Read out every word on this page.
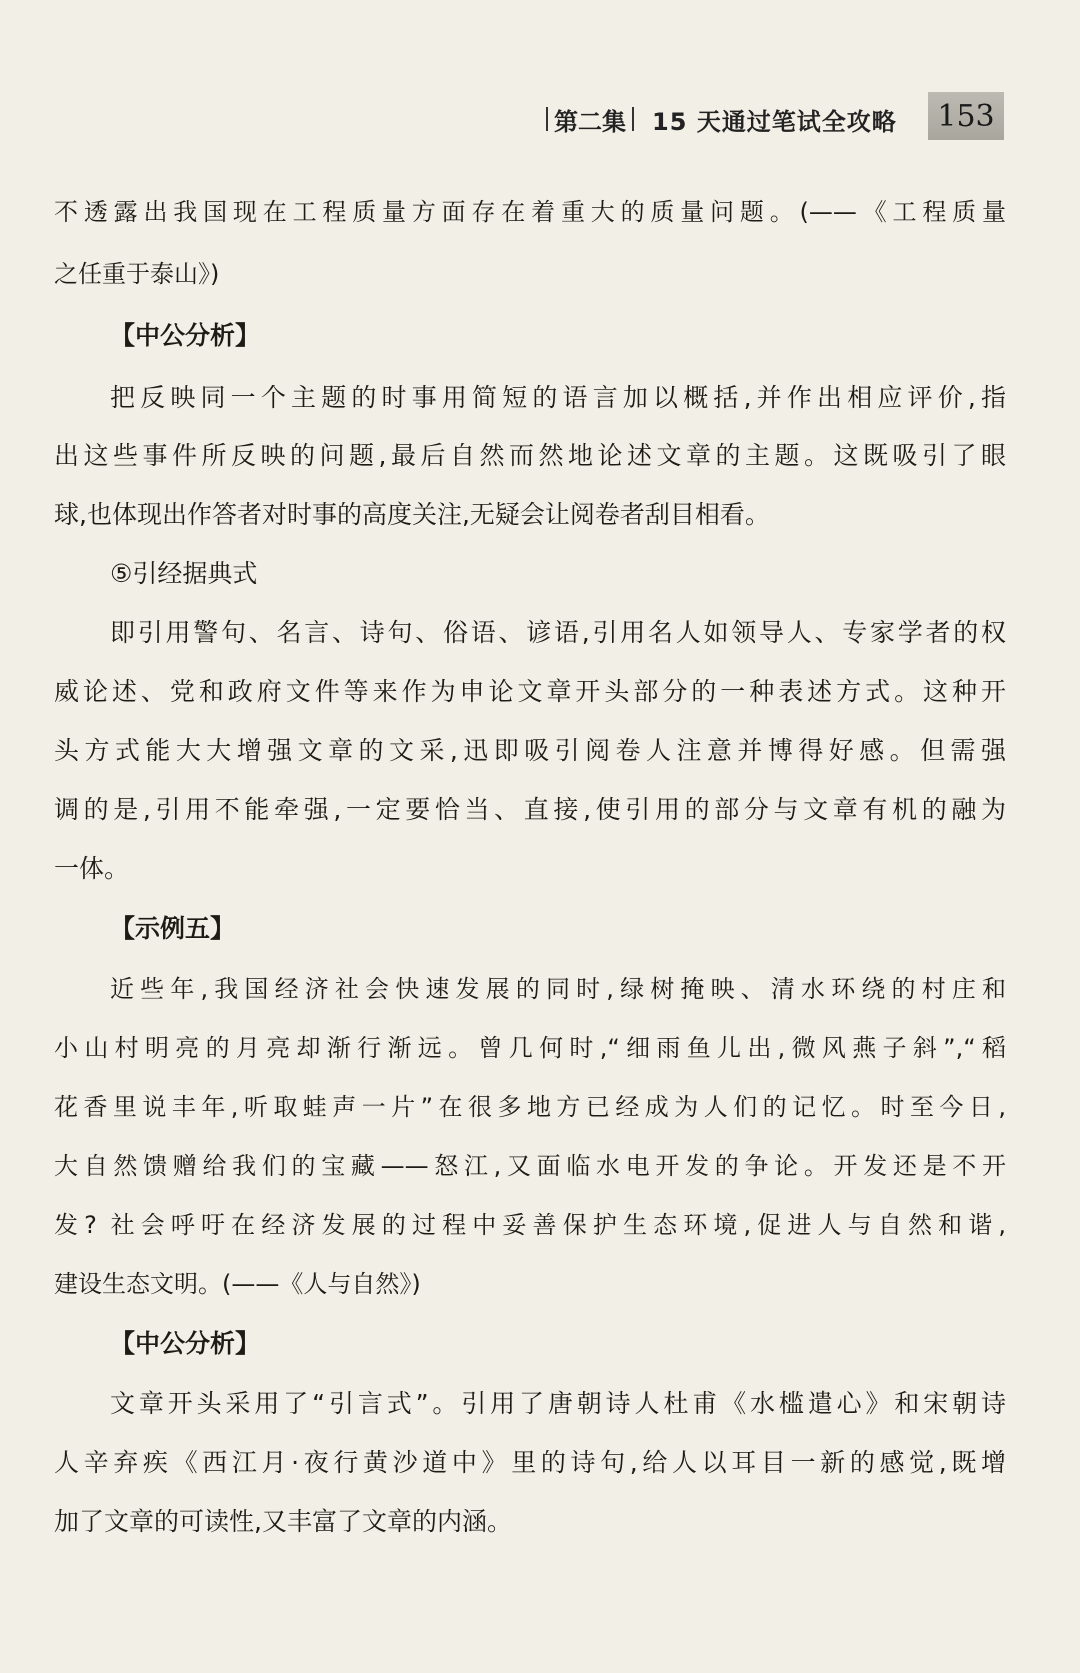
第二集 15 天通过笔试全攻略	153
不透露出我国现在工程质量方面存在着重大的质量问题。(——《工程质量
之任重于泰山》)
【中公分析】
把反映同一个主题的时事用简短的语言加以概括,并作出相应评价,指
出这些事件所反映的问题,最后自然而然地论述文章的主题。这既吸引了眼
球,也体现出作答者对时事的高度关注,无疑会让阅卷者刮目相看。
⑤引经据典式
即引用警句、名言、诗句、俗语、谚语,引用名人如领导人、专家学者的权
威论述、党和政府文件等来作为申论文章开头部分的一种表述方式。这种开
头方式能大大增强文章的文采,迅即吸引阅卷人注意并博得好感。但需强
调的是,引用不能牵强,一定要恰当、直接,使引用的部分与文章有机的融为
一体。
【示例五】
近些年,我国经济社会快速发展的同时,绿树掩映、清水环绕的村庄和
小山村明亮的月亮却渐行渐远。曾几何时,“细雨鱼儿出,微风燕子斜”,“稻
花香里说丰年,听取蛙声一片”在很多地方已经成为人们的记忆。时至今日,
大自然馈赠给我们的宝藏——怒江,又面临水电开发的争论。开发还是不开
发? 社会呼吁在经济发展的过程中妥善保护生态环境,促进人与自然和谐,
建设生态文明。(——《人与自然》)
【中公分析】
文章开头采用了“引言式”。引用了唐朝诗人杜甫《水槛遣心》和宋朝诗
人辛弃疾《西江月·夜行黄沙道中》里的诗句,给人以耳目一新的感觉,既增
加了文章的可读性,又丰富了文章的内涵。
